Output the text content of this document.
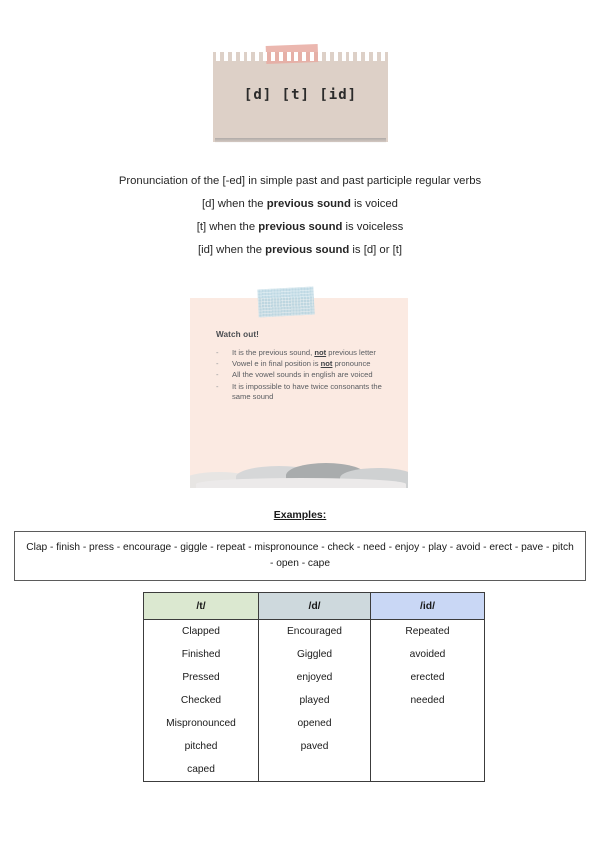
[d] [t] [id]
Pronunciation of the [-ed] in simple past and past participle regular verbs
[d] when the previous sound is voiced
[t] when the previous sound is voiceless
[id] when the previous sound is [d] or [t]
Watch out!
-	It is the previous sound, not previous letter
-	Vowel e in final position is not pronounce
-	All the vowel sounds in english are voiced
-	It is impossible to have twice consonants the same sound
Examples:
Clap - finish - press - encourage - giggle - repeat - mispronounce - check - need - enjoy - play - avoid - erect - pave - pitch - open - cape
/t/	/d/	/id/
Clapped	Encouraged	Repeated
Finished	Giggled	avoided
Pressed	enjoyed	erected
Checked	played	needed
Mispronounced	opened	
pitched	paved	
caped		
